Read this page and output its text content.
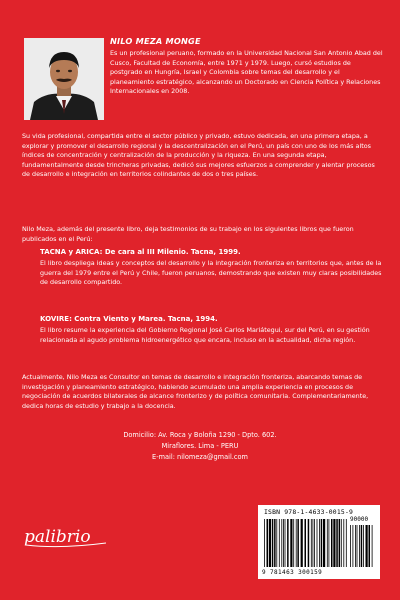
NILO MEZA MONGE

Es un profesional peruano, formado en la Universidad Nacional San Antonio Abad del Cusco, Facultad de Economía, entre 1971 y 1979. Luego, cursó estudios de postgrado en Hungría, Israel y Colombia sobre temas del desarrollo y el planeamiento estratégico, alcanzando un Doctorado en Ciencia Política y Relaciones Internacionales en 2008.

Su vida profesional, compartida entre el sector público y privado, estuvo dedicada, en una primera etapa, a explorar y promover el desarrollo regional y la descentralización en el Perú, un país con uno de los más altos índices de concentración y centralización de la producción y la riqueza. En una segunda etapa, fundamentalmente desde trincheras privadas, dedicó sus mejores esfuerzos a comprender y alentar procesos de desarrollo e integración en territorios colindantes de dos o tres países.

Nilo Meza, además del presente libro, deja testimonios de su trabajo en los siguientes libros que fueron publicados en el Perú:

TACNA y ARICA: De cara al III Milenio. Tacna, 1999.

El libro despliega ideas y conceptos del desarrollo y la integración fronteriza en territorios que, antes de la guerra del 1979 entre el Perú y Chile, fueron peruanos, demostrando que existen muy claras posibilidades de desarrollo compartido.

KOVIRE: Contra Viento y Marea. Tacna, 1994.

El libro resume la experiencia del Gobierno Regional José Carlos Mariátegui, sur del Perú, en su gestión relacionada al agudo problema hidroenergético que encara, incluso en la actualidad, dicha región.

Actualmente, Nilo Meza es Consultor en temas de desarrollo e integración fronteriza, abarcando temas de investigación y planeamiento estratégico, habiendo acumulado una amplia experiencia en procesos de negociación de acuerdos bilaterales de alcance fronterizo y de política comunitaria. Complementariamente, dedica horas de estudio y trabajo a la docencia.

Domicilio: Av. Roca y Boloña 1290 - Dpto. 602.
Miraflores. Lima - PERU
E-mail: nilomeza@gmail.com
palibrio
ISBN 978-1-4633-0015-9
90000
9 781463 300159
